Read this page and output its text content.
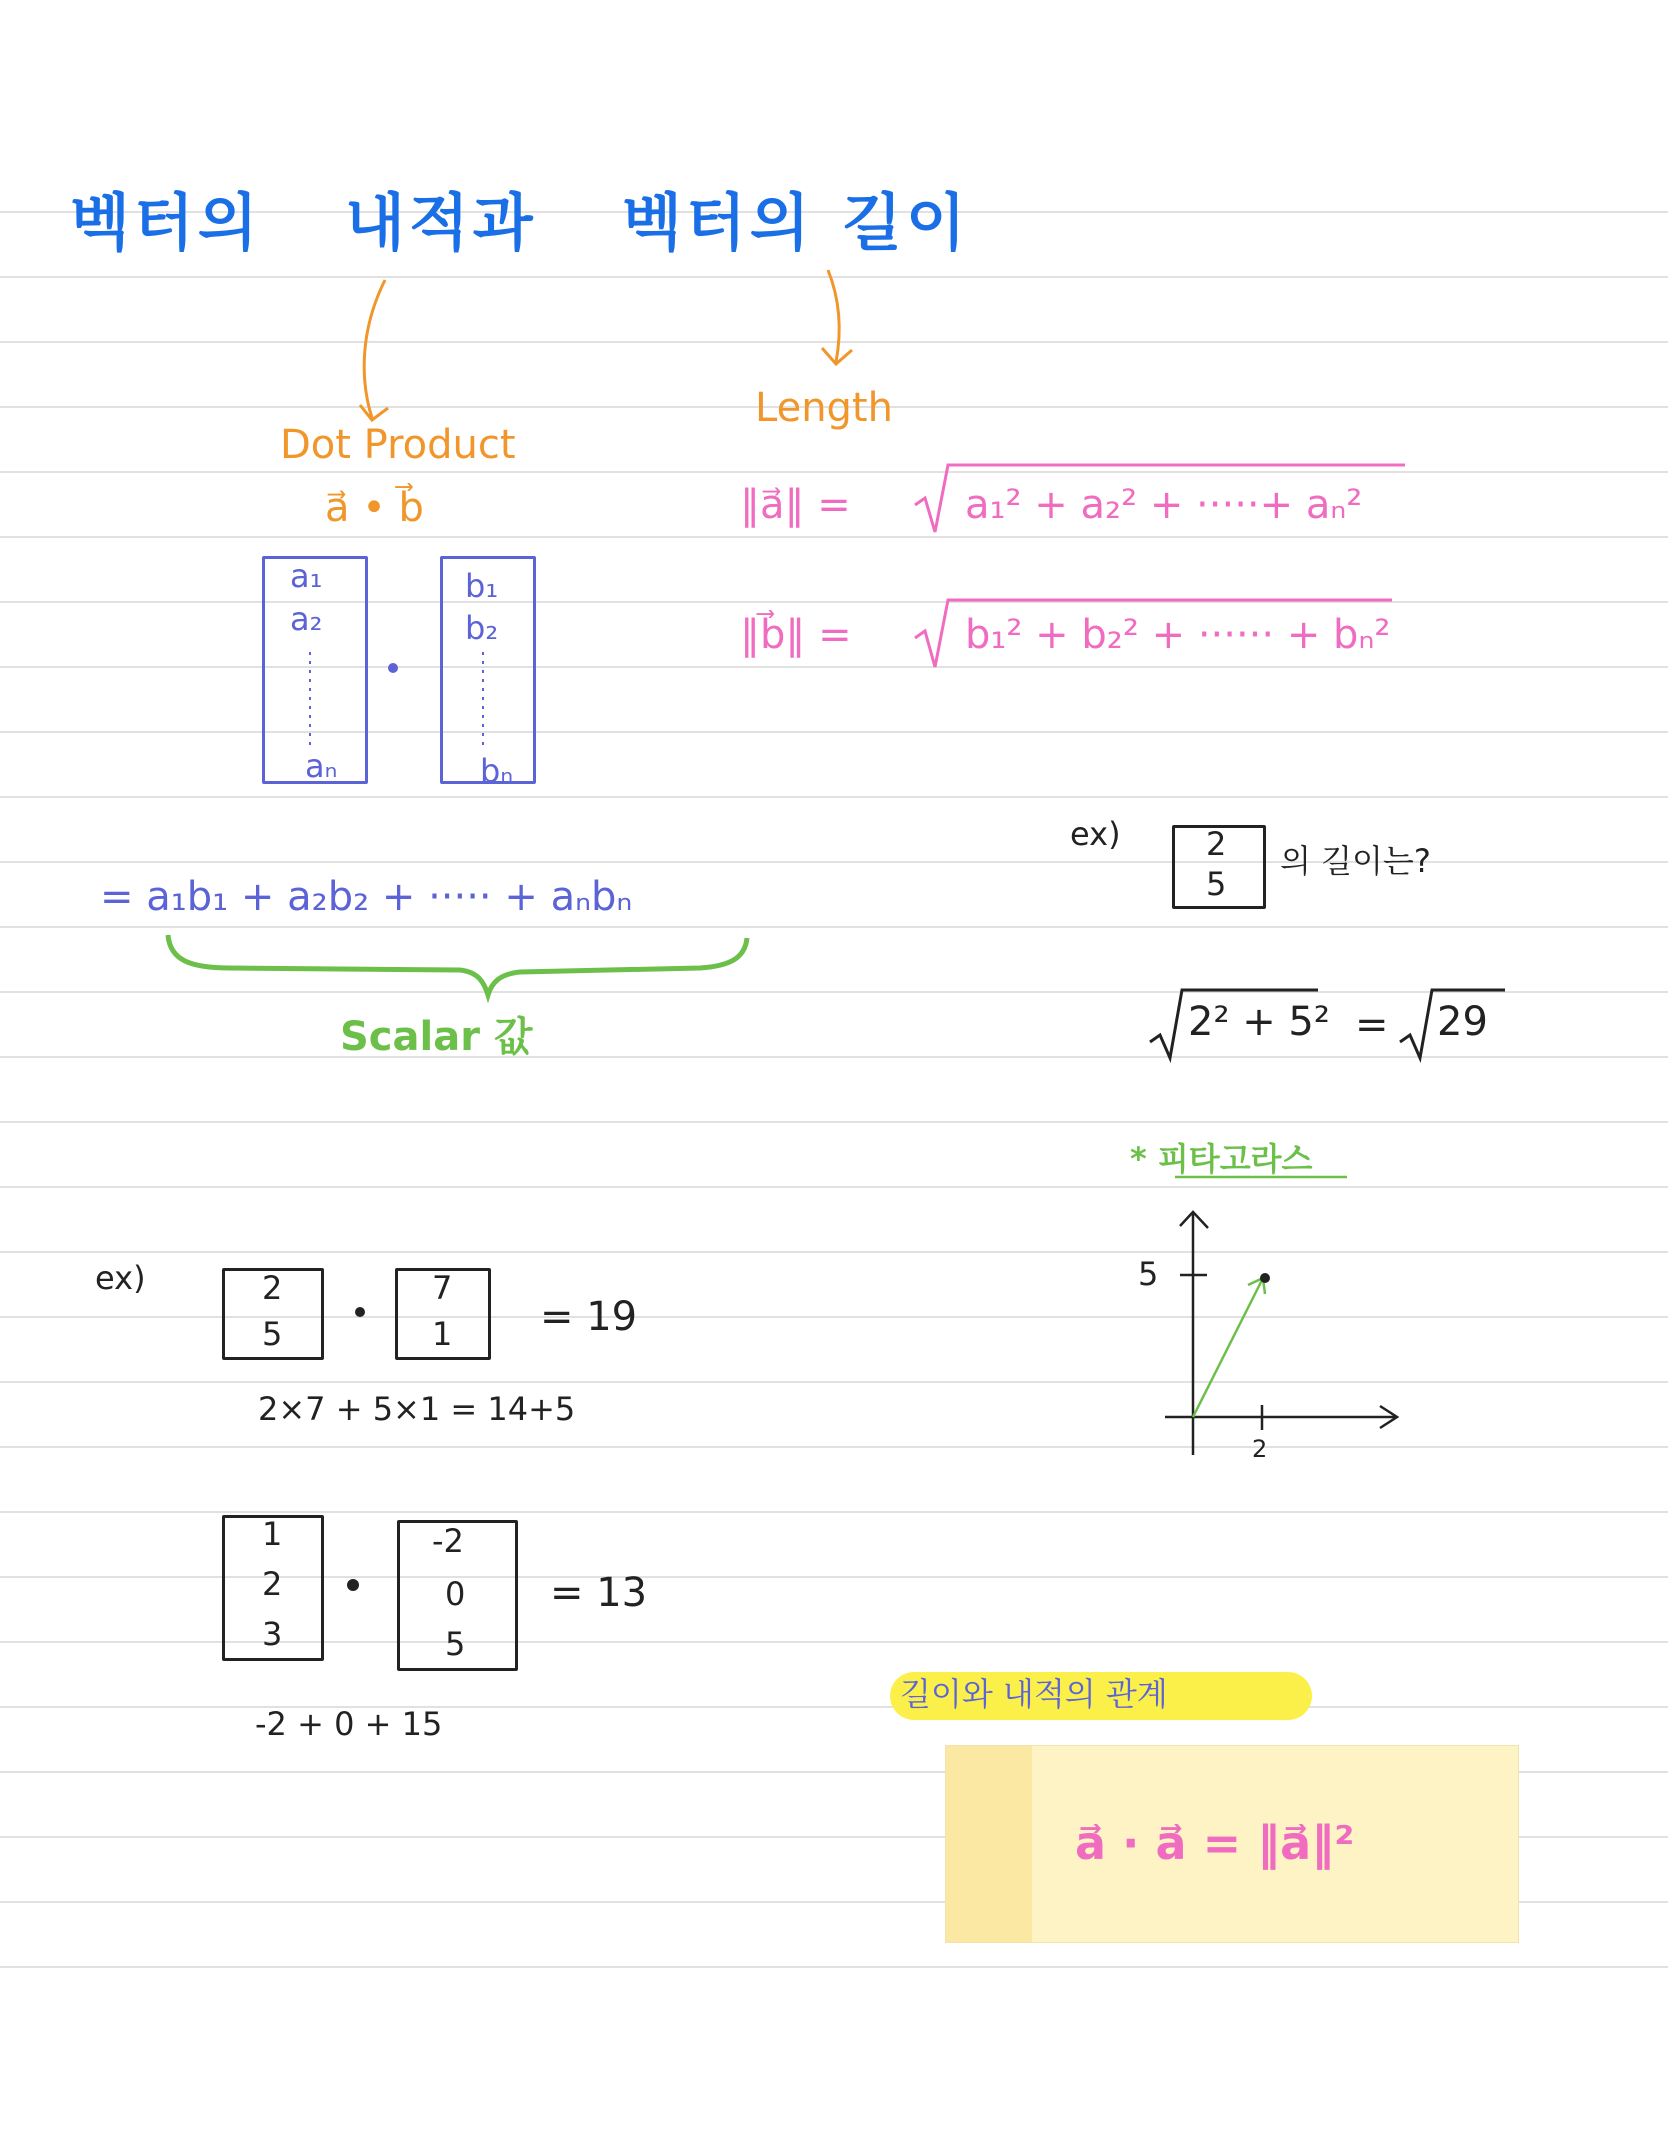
벡터의 내적과 벡터의 길이
Dot Product
a⃗ • b⃗
a₁
a₂
aₙ
b₁
b₂
bₙ
= a₁b₁ + a₂b₂ + ····· + aₙbₙ
Scalar 값
Length
‖a⃗‖ =	a₁² + a₂² + ·····+ aₙ²
‖b⃗‖ =	b₁² + b₂² + ······ + bₙ²
ex)	2
5
의 길이는?
2² + 5² = 29
* 피타고라스
5
2
ex)	2
5
7
1 = 19
2×7 + 5×1 = 14+5
1
2
3
-2
0
5
= 13
-2 + 0 + 15
길이와 내적의 관계
a⃗ · a⃗ = ‖a⃗‖²
